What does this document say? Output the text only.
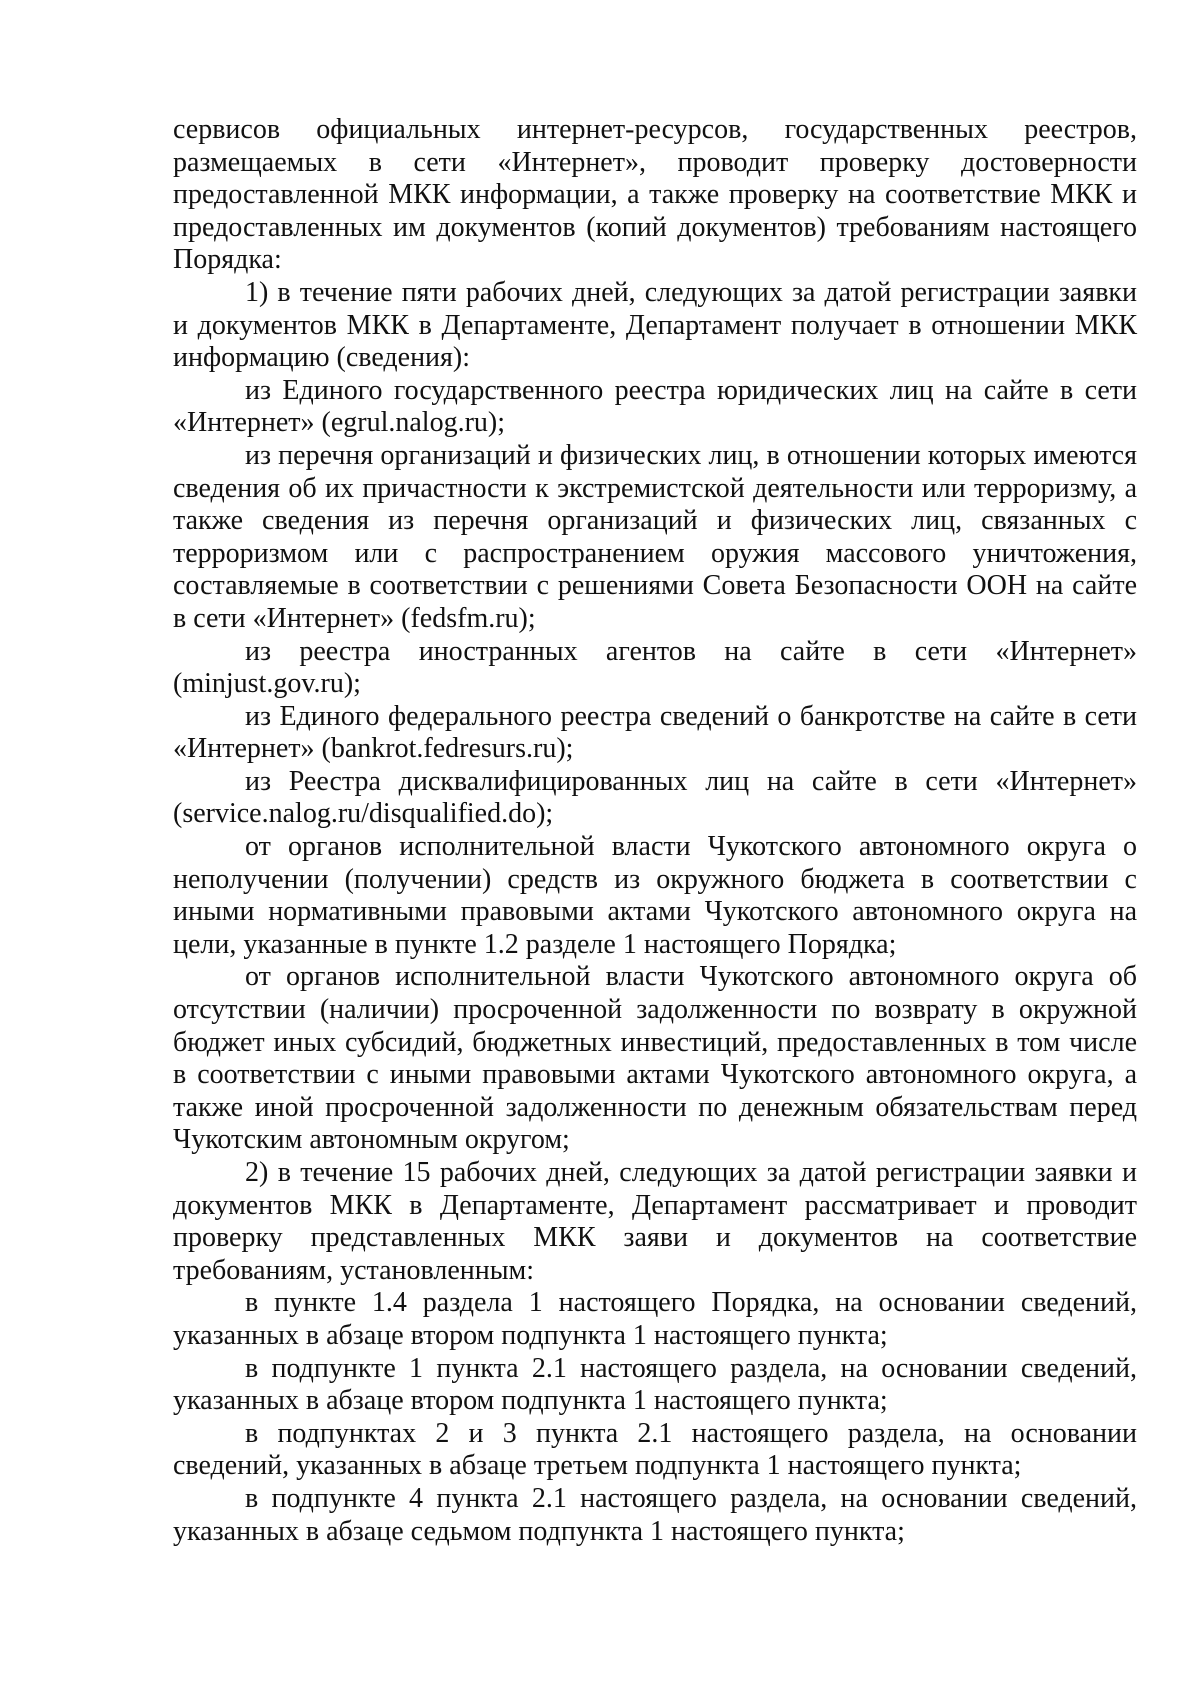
сервисов официальных интернет-ресурсов, государственных реестров, размещаемых в сети «Интернет», проводит проверку достоверности предоставленной МКК информации, а также проверку на соответствие МКК и предоставленных им документов (копий документов) требованиям настоящего Порядка:

1) в течение пяти рабочих дней, следующих за датой регистрации заявки и документов МКК в Департаменте, Департамент получает в отношении МКК информацию (сведения):

из Единого государственного реестра юридических лиц на сайте в сети «Интернет» (egrul.nalog.ru);

из перечня организаций и физических лиц, в отношении которых имеются сведения об их причастности к экстремистской деятельности или терроризму, а также сведения из перечня организаций и физических лиц, связанных с терроризмом или с распространением оружия массового уничтожения, составляемые в соответствии с решениями Совета Безопасности ООН на сайте в сети «Интернет» (fedsfm.ru);

из реестра иностранных агентов на сайте в сети «Интернет» (minjust.gov.ru);

из Единого федерального реестра сведений о банкротстве на сайте в сети «Интернет» (bankrot.fedresurs.ru);

из Реестра дисквалифицированных лиц на сайте в сети «Интернет» (service.nalog.ru/disqualified.do);

от органов исполнительной власти Чукотского автономного округа о неполучении (получении) средств из окружного бюджета в соответствии с иными нормативными правовыми актами Чукотского автономного округа на цели, указанные в пункте 1.2 разделе 1 настоящего Порядка;

от органов исполнительной власти Чукотского автономного округа об отсутствии (наличии) просроченной задолженности по возврату в окружной бюджет иных субсидий, бюджетных инвестиций, предоставленных в том числе в соответствии с иными правовыми актами Чукотского автономного округа, а также иной просроченной задолженности по денежным обязательствам перед Чукотским автономным округом;

2) в течение 15 рабочих дней, следующих за датой регистрации заявки и документов МКК в Департаменте, Департамент рассматривает и проводит проверку представленных МКК заяви и документов на соответствие требованиям, установленным:

в пункте 1.4 раздела 1 настоящего Порядка, на основании сведений, указанных в абзаце втором подпункта 1 настоящего пункта;

в подпункте 1 пункта 2.1 настоящего раздела, на основании сведений, указанных в абзаце втором подпункта 1 настоящего пункта;

в подпунктах 2 и 3 пункта 2.1 настоящего раздела, на основании сведений, указанных в абзаце третьем подпункта 1 настоящего пункта;

в подпункте 4 пункта 2.1 настоящего раздела, на основании сведений, указанных в абзаце седьмом подпункта 1 настоящего пункта;
